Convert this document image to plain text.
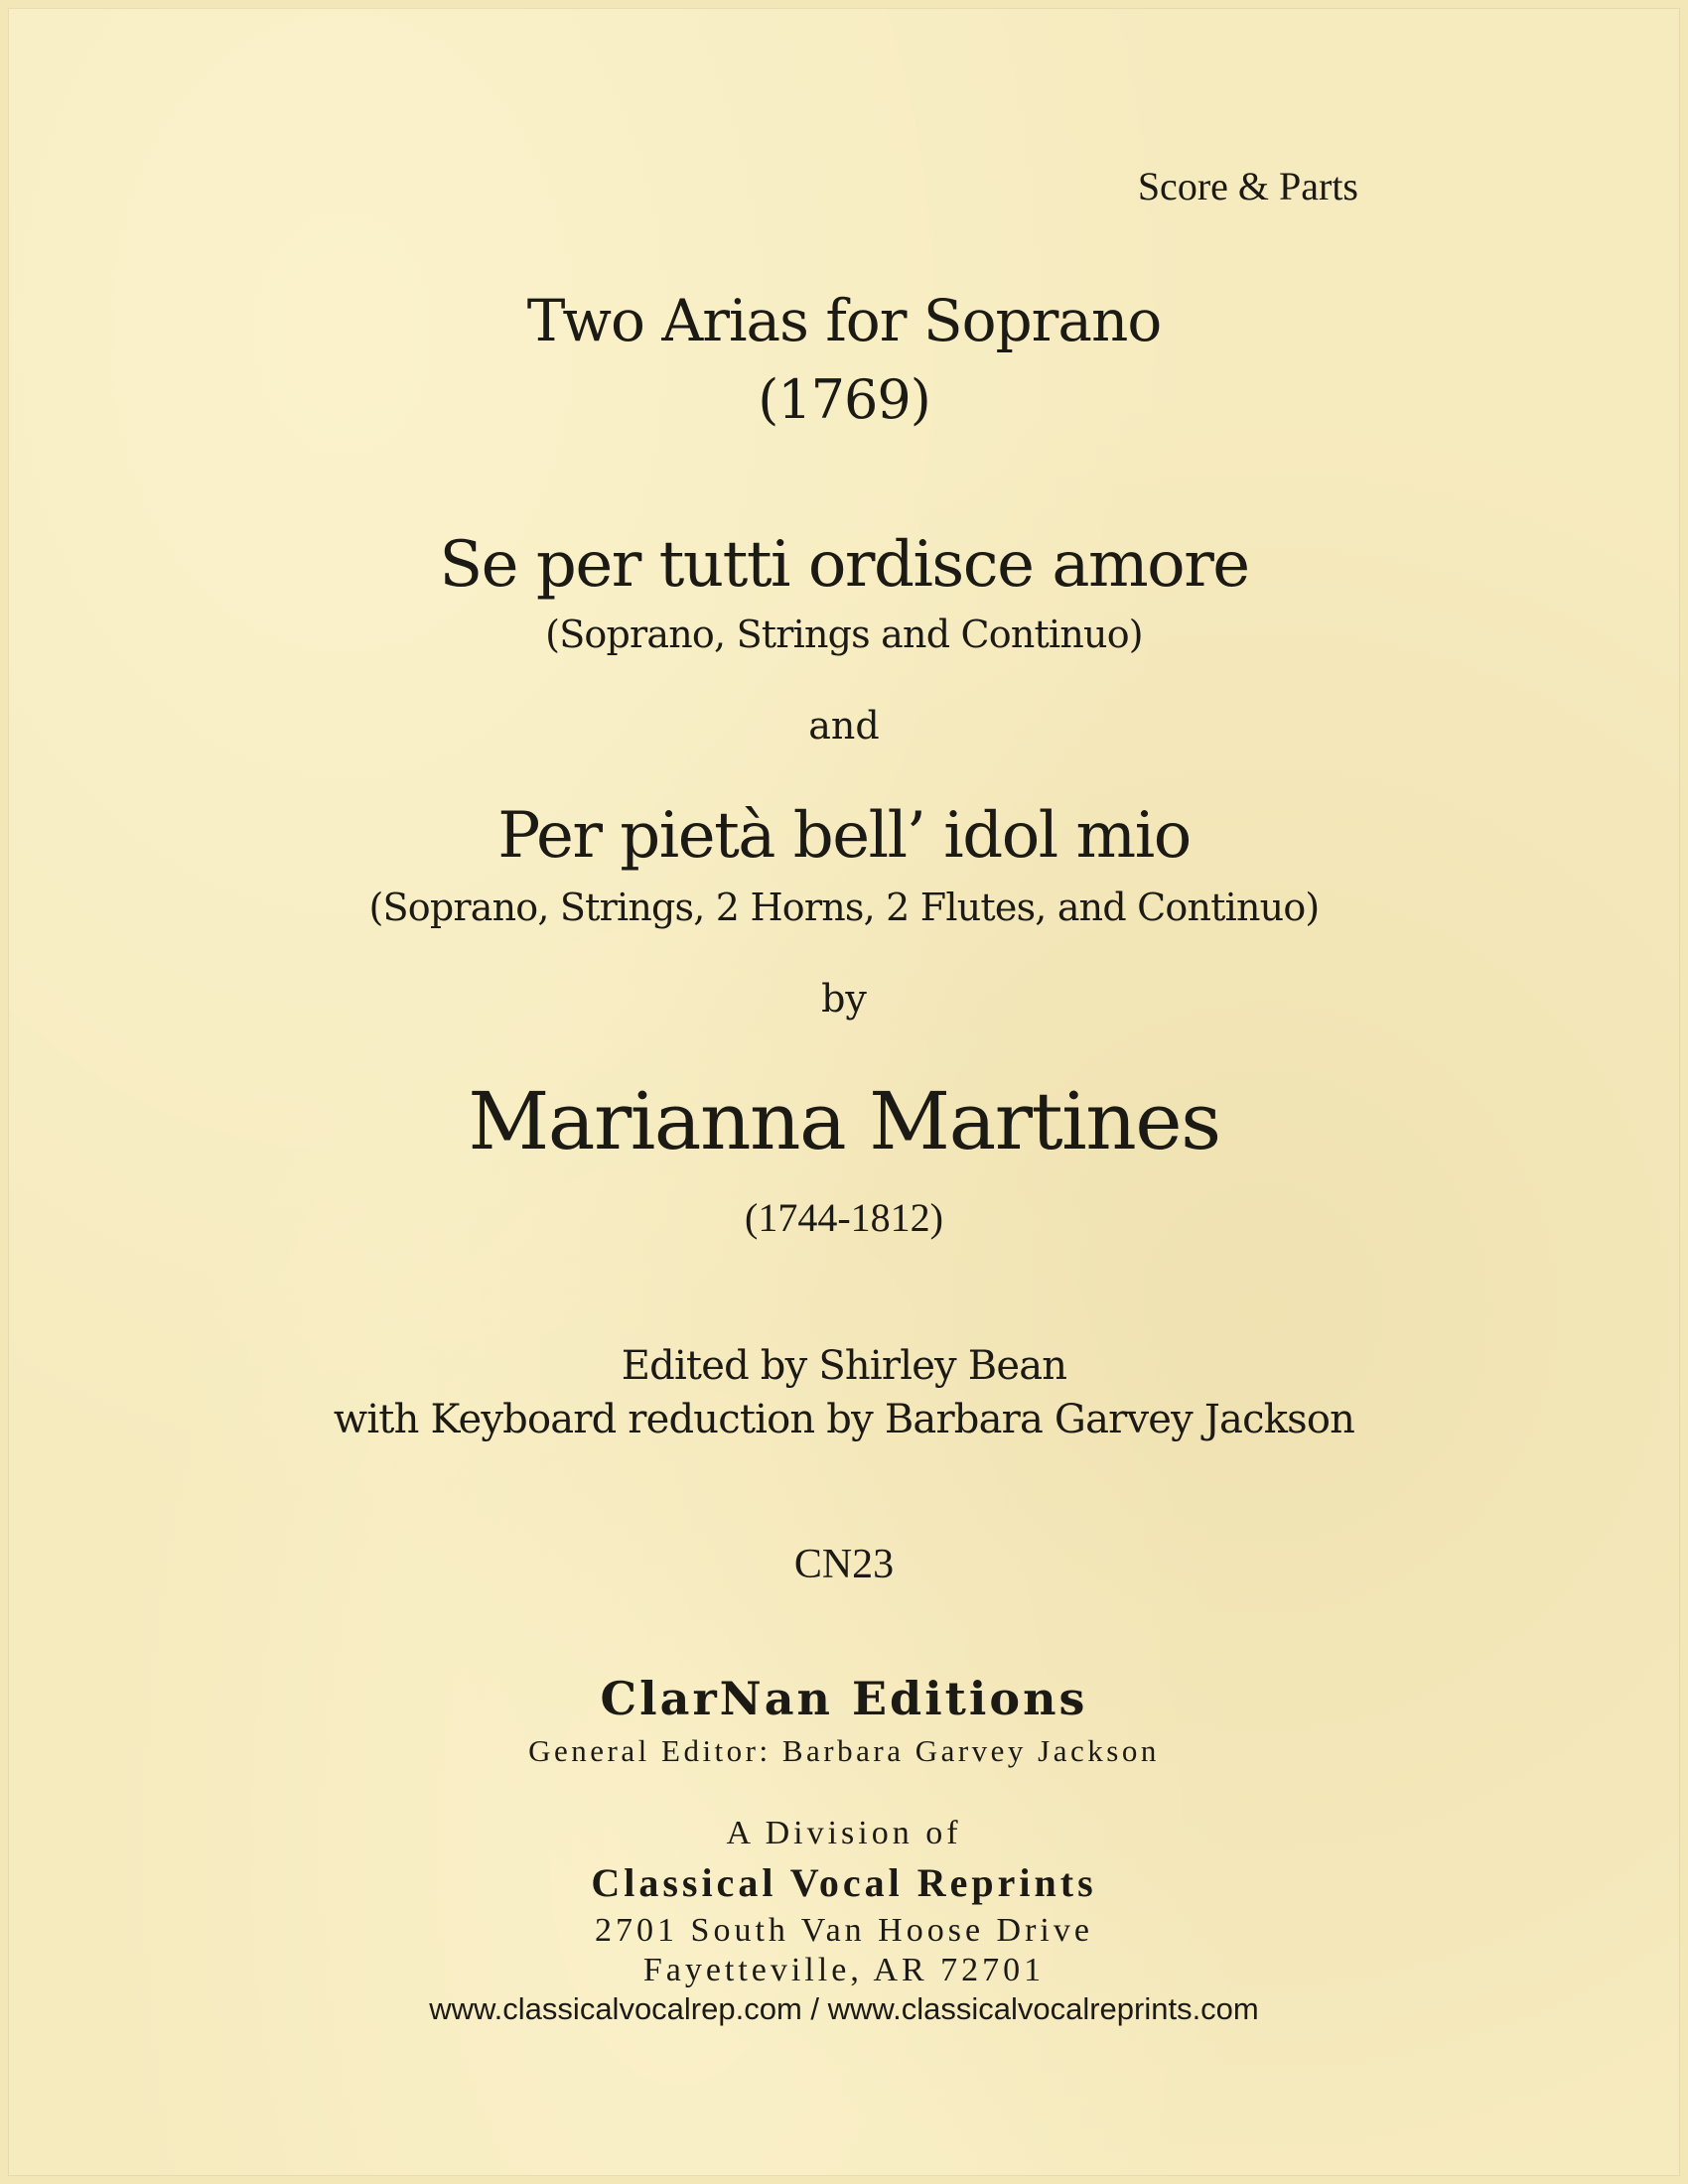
Score & Parts
Two Arias for Soprano
(1769)
Se per tutti ordisce amore
(Soprano, Strings and Continuo)
and
Per pietà bell’ idol mio
(Soprano, Strings, 2 Horns, 2 Flutes, and Continuo)
by
Marianna Martines
(1744-1812)
Edited by Shirley Bean
with Keyboard reduction by Barbara Garvey Jackson
CN23
ClarNan Editions
General Editor: Barbara Garvey Jackson
A Division of
Classical Vocal Reprints
2701 South Van Hoose Drive
Fayetteville, AR 72701
www.classicalvocalrep.com / www.classicalvocalreprints.com
